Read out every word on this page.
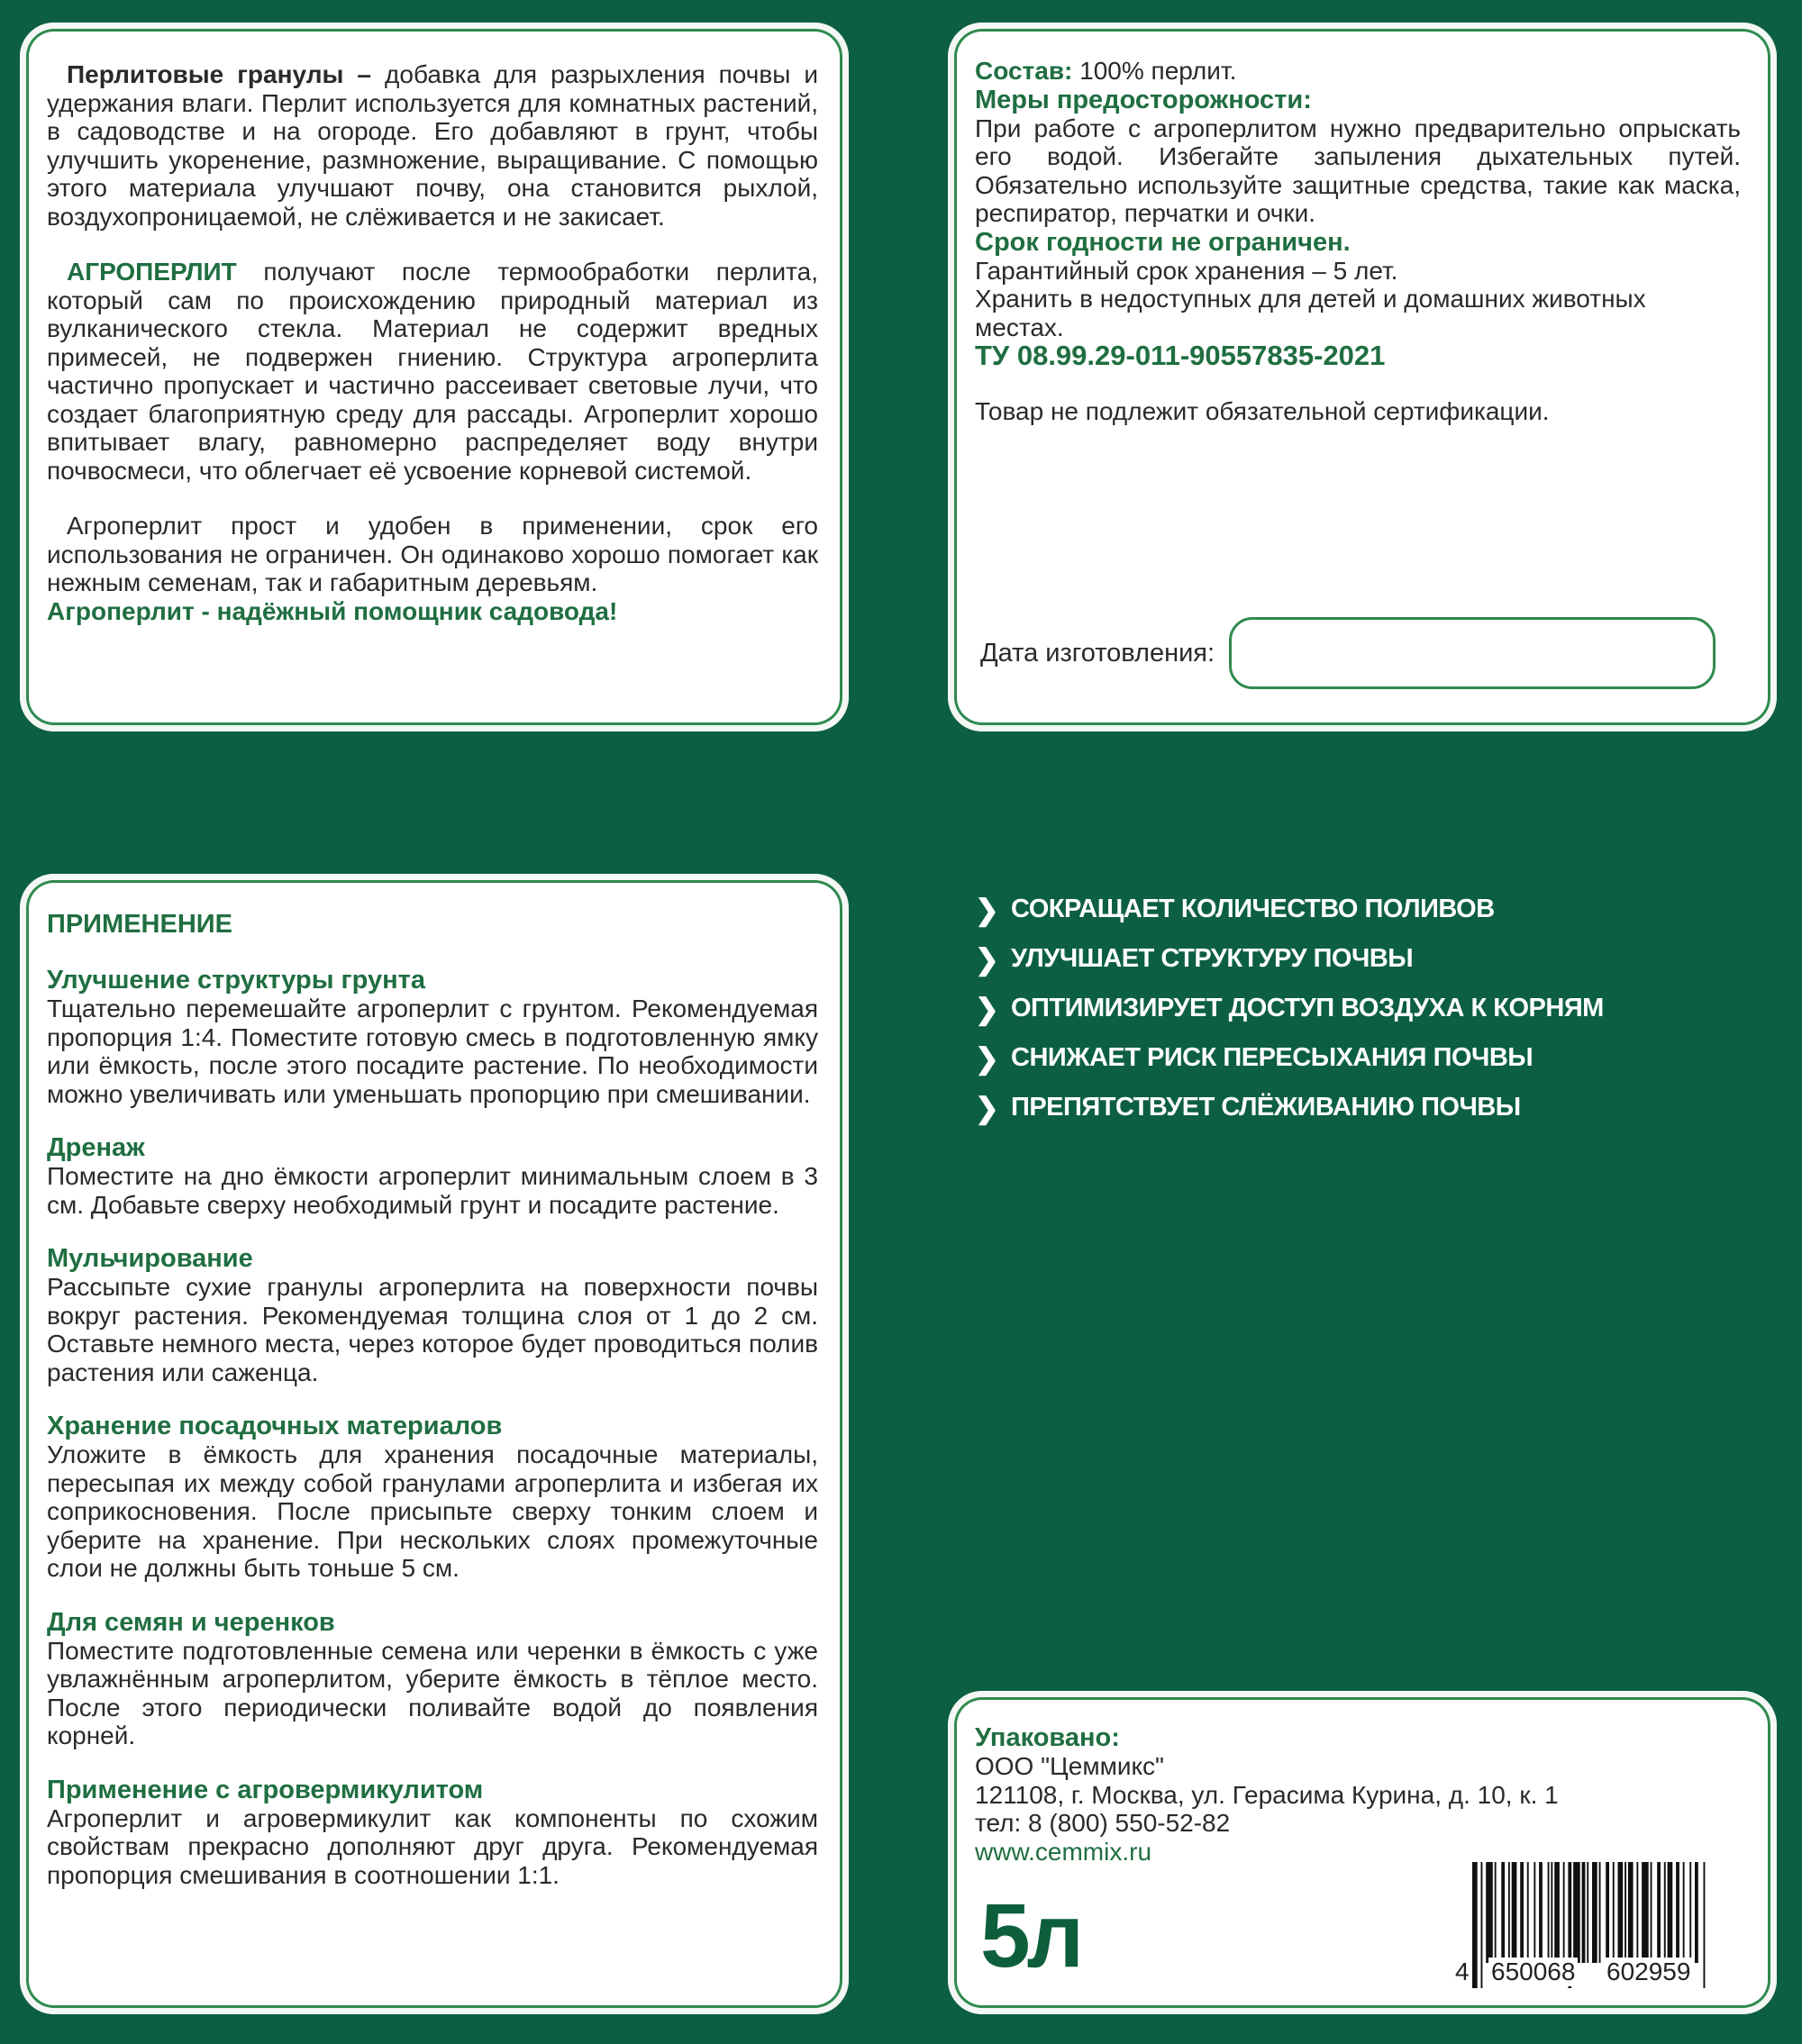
Перлитовые гранулы – добавка для разрыхления почвы и удержания влаги. Перлит используется для комнатных растений, в садоводстве и на огороде. Его добавляют в грунт, чтобы улучшить укоренение, размножение, выращивание. С помощью этого материала улучшают почву, она становится рыхлой, воздухопроницаемой, не слёживается и не закисает.

АГРОПЕРЛИТ получают после термообработки перлита, который сам по происхождению природный материал из вулканического стекла. Материал не содержит вредных примесей, не подвержен гниению. Структура агроперлита частично пропускает и частично рассеивает световые лучи, что создает благоприятную среду для рассады. Агроперлит хорошо впитывает влагу, равномерно распределяет воду внутри почвосмеси, что облегчает её усвоение корневой системой.

Агроперлит прост и удобен в применении, срок его использования не ограничен. Он одинаково хорошо помогает как нежным семенам, так и габаритным деревьям.

Агроперлит - надёжный помощник садовода!

Состав: 100% перлит.

Меры предосторожности:

При работе с агроперлитом нужно предварительно опрыскать его водой. Избегайте запыления дыхательных путей. Обязательно используйте защитные средства, такие как маска, респиратор, перчатки и очки.

Срок годности не ограничен.

Гарантийный срок хранения – 5 лет.

Хранить в недоступных для детей и домашних животных местах.

ТУ 08.99.29-011-90557835-2021

Товар не подлежит обязательной сертификации.

Дата изготовления:
ПРИМЕНЕНИЕ
Улучшение структуры грунта

Тщательно перемешайте агроперлит с грунтом. Рекомендуемая пропорция 1:4. Поместите готовую смесь в подготовленную ямку или ёмкость, после этого посадите растение. По необходимости можно увеличивать или уменьшать пропорцию при смешивании.

Дренаж

Поместите на дно ёмкости агроперлит минимальным слоем в 3 см. Добавьте сверху необходимый грунт и посадите растение.

Мульчирование

Рассыпьте сухие гранулы агроперлита на поверхности почвы вокруг растения. Рекомендуемая толщина слоя от 1 до 2 см. Оставьте немного места, через которое будет проводиться полив растения или саженца.

Хранение посадочных материалов

Уложите в ёмкость для хранения посадочные материалы, пересыпая их между собой гранулами агроперлита и избегая их соприкосновения. После присыпьте сверху тонким слоем и уберите на хранение. При нескольких слоях промежуточные слои не должны быть тоньше 5 см.

Для семян и черенков

Поместите подготовленные семена или черенки в ёмкость с уже увлажнённым агроперлитом, уберите ёмкость в тёплое место. После этого периодически поливайте водой до появления корней.

Применение с агровермикулитом

Агроперлит и агровермикулит как компоненты по схожим свойствам прекрасно дополняют друг друга. Рекомендуемая пропорция смешивания в соотношении 1:1.

❯ СОКРАЩАЕТ КОЛИЧЕСТВО ПОЛИВОВ
❯ УЛУЧШАЕТ СТРУКТУРУ ПОЧВЫ
❯ ОПТИМИЗИРУЕТ ДОСТУП ВОЗДУХА К КОРНЯМ
❯ СНИЖАЕТ РИСК ПЕРЕСЫХАНИЯ ПОЧВЫ
❯ ПРЕПЯТСТВУЕТ СЛЁЖИВАНИЮ ПОЧВЫ
Упаковано:

ООО "Цеммикс"

121108, г. Москва, ул. Герасима Курина, д. 10, к. 1

тел: 8 (800) 550-52-82

www.cemmix.ru
5л	4 650068 602959
